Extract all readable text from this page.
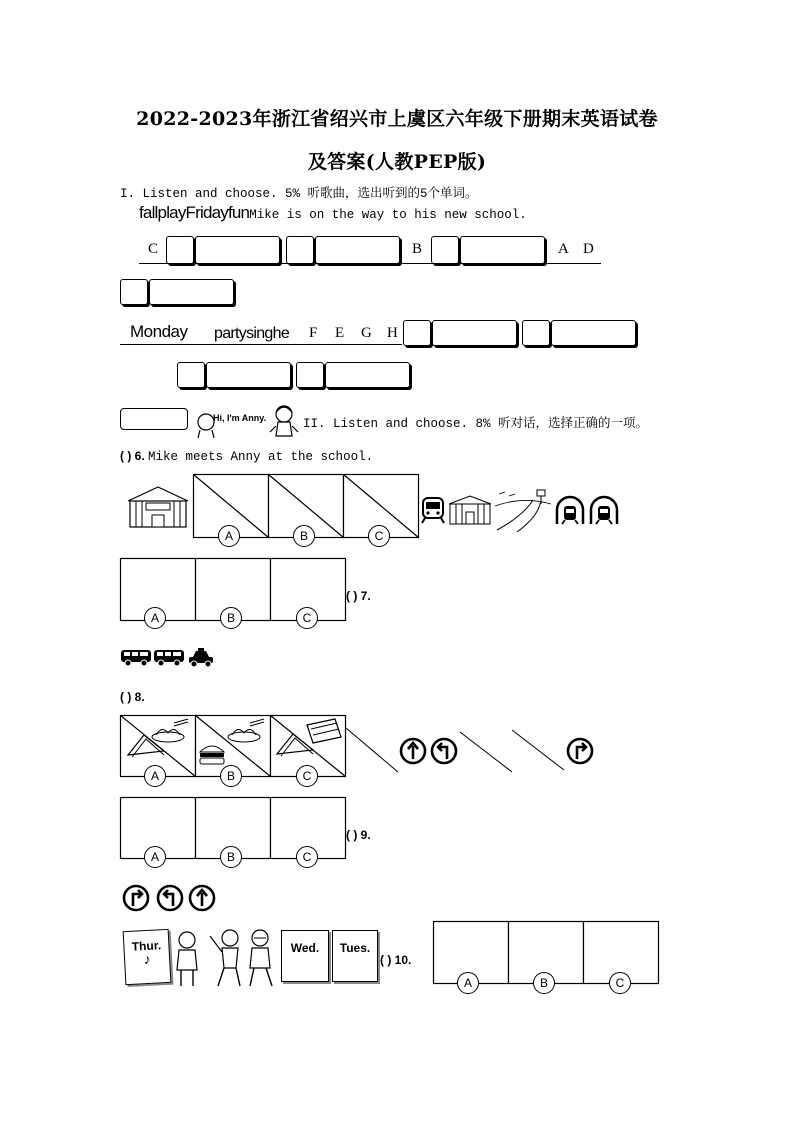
2022-2023年浙江省绍兴市上虞区六年级下册期末英语试卷
及答案(人教PEP版)
I. Listen and choose. 5% 听歌曲，选出听到的5个单词。
fallplayFridayfunMike is on the way to his new school.
C	B	A D
Monday partysinghe F E G H
Hi, I'm Anny.	II. Listen and choose. 8% 听对话，选择正确的一项。
( ) 6. Mike meets Anny at the school.
A	B	C
A	B	C
( ) 7.
( ) 8.
A	B	C
A	B	C
( ) 9.
Thur.
♪
Wed.	Tues.
( ) 10.
A	B	C
